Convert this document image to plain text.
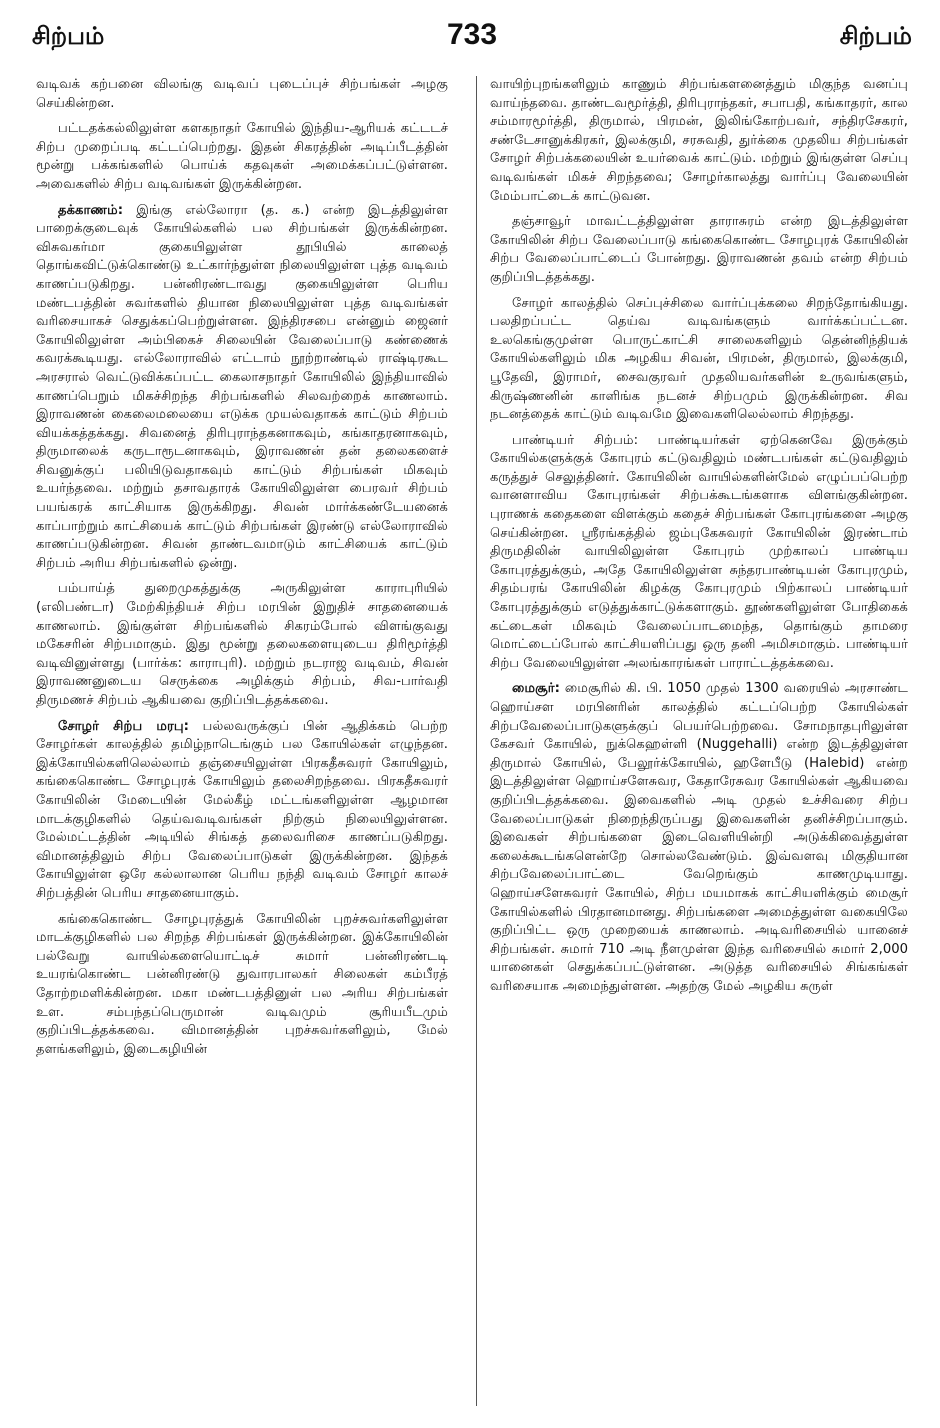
சிற்பம்	733	சிற்பம்

வடிவக் கற்பனை விலங்கு வடிவப் புடைப்புச் சிற்பங்கள் அழகு செய்கின்றன.

பட்டதக்கல்லிலுள்ள களகநாதர் கோயில் இந்திய-ஆரியக் கட்டடச் சிற்ப முறைப்படி கட்டப்பெற்றது. இதன் சிகரத்தின் அடிப்பீடத்தின் மூன்று பக்கங்களில் பொய்க் கதவுகள் அமைக்கப்பட்டுள்ளன. அவைகளில் சிற்ப வடிவங்கள் இருக்கின்றன.

தக்காணம்: இங்கு எல்லோரா (த. க.) என்ற இடத்திலுள்ள பாறைக்குடைவுக் கோயில்களில் பல சிற்பங்கள் இருக்கின்றன. விசுவகர்மா குகையிலுள்ள தூபியில் காலைத் தொங்கவிட்டுக்கொண்டு உட்கார்ந்துள்ள நிலையிலுள்ள புத்த வடிவம் காணப்படுகிறது. பன்னிரண்டாவது குகையிலுள்ள பெரிய மண்டபத்தின் சுவர்களில் தியான நிலையிலுள்ள புத்த வடிவங்கள் வரிசையாகச் செதுக்கப்பெற்றுள்ளன. இந்திரசபை என்னும் ஜைனர் கோயிலிலுள்ள அம்பிகைச் சிலையின் வேலைப்பாடு கண்ணைக் கவரக்கூடியது. எல்லோராவில் எட்டாம் நூற்றாண்டில் ராஷ்டிரகூட அரசரால் வெட்டுவிக்கப்பட்ட கைலாசநாதர் கோயிலில் இந்தியாவில் காணப்பெறும் மிகச்சிறந்த சிற்பங்களில் சிலவற்றைக் காணலாம். இராவணன் கைலைமலையை எடுக்க முயல்வதாகக் காட்டும் சிற்பம் வியக்கத்தக்கது. சிவனைத் திரிபுராந்தகனாகவும், கங்காதரனாகவும், திருமாலைக் கருடாரூடனாகவும், இராவணன் தன் தலைகளைச் சிவனுக்குப் பலியிடுவதாகவும் காட்டும் சிற்பங்கள் மிகவும் உயர்ந்தவை. மற்றும் தசாவதாரக் கோயிலிலுள்ள பைரவர் சிற்பம் பயங்கரக் காட்சியாக இருக்கிறது. சிவன் மார்க்கண்டேயனைக் காப்பாற்றும் காட்சியைக் காட்டும் சிற்பங்கள் இரண்டு எல்லோராவில் காணப்படுகின்றன. சிவன் தாண்டவமாடும் காட்சியைக் காட்டும் சிற்பம் அரிய சிற்பங்களில் ஒன்று.

பம்பாய்த் துறைமுகத்துக்கு அருகிலுள்ள காராபுரியில் (எலிபண்டா) மேற்கிந்தியச் சிற்ப மரபின் இறுதிச் சாதனையைக் காணலாம். இங்குள்ள சிற்பங்களில் சிகரம்போல் விளங்குவது மகேசரின் சிற்பமாகும். இது மூன்று தலைகளையுடைய திரிமூர்த்தி வடிவினுள்ளது (பார்க்க: காராபுரி). மற்றும் நடராஜ வடிவம், சிவன் இராவணனுடைய செருக்கை அழிக்கும் சிற்பம், சிவ-பார்வதி திருமணச் சிற்பம் ஆகியவை குறிப்பிடத்தக்கவை.

சோழர் சிற்ப மரபு: பல்லவருக்குப் பின் ஆதிக்கம் பெற்ற சோழர்கள் காலத்தில் தமிழ்நாடெங்கும் பல கோயில்கள் எழுந்தன. இக்கோயில்களிலெல்லாம் தஞ்சையிலுள்ள பிரகதீசுவரர் கோயிலும், கங்கைகொண்ட சோழபுரக் கோயிலும் தலைசிறந்தவை. பிரகதீசுவரர் கோயிலின் மேடையின் மேல்கீழ் மட்டங்களிலுள்ள ஆழமான மாடக்குழிகளில் தெய்வவடிவங்கள் நிற்கும் நிலையிலுள்ளன. மேல்மட்டத்தின் அடியில் சிங்கத் தலைவரிசை காணப்படுகிறது. விமானத்திலும் சிற்ப வேலைப்பாடுகள் இருக்கின்றன. இந்தக் கோயிலுள்ள ஒரே கல்லாலான பெரிய நந்தி வடிவம் சோழர் காலச் சிற்பத்தின் பெரிய சாதனையாகும்.

கங்கைகொண்ட சோழபுரத்துக் கோயிலின் புறச்சுவர்களிலுள்ள மாடக்குழிகளில் பல சிறந்த சிற்பங்கள் இருக்கின்றன. இக்கோயிலின் பல்வேறு வாயில்களையொட்டிச் சுமார் பன்னிரண்டடி உயரங்கொண்ட பன்னிரண்டு துவாரபாலகர் சிலைகள் கம்பீரத் தோற்றமளிக்கின்றன. மகா மண்டபத்தினுள் பல அரிய சிற்பங்கள் உள. சம்பந்தப்பெருமான் வடிவமும் சூரியபீடமும் குறிப்பிடத்தக்கவை. விமானத்தின் புறச்சுவர்களிலும், மேல் தளங்களிலும், இடைகழியின்

வாயிற்புறங்களிலும் காணும் சிற்பங்களனைத்தும் மிகுந்த வனப்பு வாய்ந்தவை. தாண்டவமூர்த்தி, திரிபுராந்தகர், சபாபதி, கங்காதரர், கால சம்மாரமூர்த்தி, திருமால், பிரமன், இலிங்கோற்பவர், சந்திரசேகரர், சண்டேசானுக்கிரகர், இலக்குமி, சரசுவதி, துர்க்கை முதலிய சிற்பங்கள் சோழர் சிற்பக்கலையின் உயர்வைக் காட்டும். மற்றும் இங்குள்ள செப்பு வடிவங்கள் மிகச் சிறந்தவை; சோழர்காலத்து வார்ப்பு வேலையின் மேம்பாட்டைக் காட்டுவன.

தஞ்சாவூர் மாவட்டத்திலுள்ள தாராசுரம் என்ற இடத்திலுள்ள கோயிலின் சிற்ப வேலைப்பாடு கங்கைகொண்ட சோழபுரக் கோயிலின் சிற்ப வேலைப்பாட்டைப் போன்றது. இராவணன் தவம் என்ற சிற்பம் குறிப்பிடத்தக்கது.

சோழர் காலத்தில் செப்புச்சிலை வார்ப்புக்கலை சிறந்தோங்கியது. பலதிறப்பட்ட தெய்வ வடிவங்களும் வார்க்கப்பட்டன. உலகெங்குமுள்ள பொருட்காட்சி சாலைகளிலும் தென்னிந்தியக் கோயில்களிலும் மிக அழகிய சிவன், பிரமன், திருமால், இலக்குமி, பூதேவி, இராமர், சைவகுரவர் முதலியவர்களின் உருவங்களும், கிருஷ்ணனின் காளிங்க நடனச் சிற்பமும் இருக்கின்றன. சிவ நடனத்தைக் காட்டும் வடிவமே இவைகளிலெல்லாம் சிறந்தது.

பாண்டியர் சிற்பம்: பாண்டியர்கள் ஏற்கெனவே இருக்கும் கோயில்களுக்குக் கோபுரம் கட்டுவதிலும் மண்டபங்கள் கட்டுவதிலும் கருத்துச் செலுத்தினர். கோயிலின் வாயில்களின்மேல் எழுப்பப்பெற்ற வானளாவிய கோபுரங்கள் சிற்பக்கூடங்களாக விளங்குகின்றன. புராணக் கதைகளை விளக்கும் கதைச் சிற்பங்கள் கோபுரங்களை அழகு செய்கின்றன. ஸ்ரீரங்கத்தில் ஜம்புகேசுவரர் கோயிலின் இரண்டாம் திருமதிலின் வாயிலிலுள்ள கோபுரம் முற்காலப் பாண்டிய கோபுரத்துக்கும், அதே கோயிலிலுள்ள சுந்தரபாண்டியன் கோபுரமும், சிதம்பரங் கோயிலின் கிழக்கு கோபுரமும் பிற்காலப் பாண்டியர் கோபுரத்துக்கும் எடுத்துக்காட்டுக்களாகும். தூண்களிலுள்ள போதிகைக் கட்டைகள் மிகவும் வேலைப்பாடமைந்த, தொங்கும் தாமரை மொட்டைப்போல் காட்சியளிப்பது ஒரு தனி அமிசமாகும். பாண்டியர் சிற்ப வேலையிலுள்ள அலங்காரங்கள் பாராட்டத்தக்கவை.

மைசூர்: மைசூரில் கி. பி. 1050 முதல் 1300 வரையில் அரசாண்ட ஹொய்சள மரபினரின் காலத்தில் கட்டப்பெற்ற கோயில்கள் சிற்பவேலைப்பாடுகளுக்குப் பெயர்பெற்றவை. சோமநாதபுரிலுள்ள கேசவர் கோயில், நுக்கெஹள்ளி (Nuggehalli) என்ற இடத்திலுள்ள திருமால் கோயில், பேலூர்க்கோயில், ஹளேபீடு (Halebid) என்ற இடத்திலுள்ள ஹொய்சளேசுவர, கேதாரேசுவர கோயில்கள் ஆகியவை குறிப்பிடத்தக்கவை. இவைகளில் அடி முதல் உச்சிவரை சிற்ப வேலைப்பாடுகள் நிறைந்திருப்பது இவைகளின் தனிச்சிறப்பாகும். இவைகள் சிற்பங்களை இடைவெளியின்றி அடுக்கிவைத்துள்ள கலைக்கூடங்களென்றே சொல்லவேண்டும். இவ்வளவு மிகுதியான சிற்பவேலைப்பாட்டை வேறெங்கும் காணமுடியாது. ஹொய்சளேசுவரர் கோயில், சிற்ப மயமாகக் காட்சியளிக்கும் மைசூர் கோயில்களில் பிரதானமானது. சிற்பங்களை அமைத்துள்ள வகையிலே குறிப்பிட்ட ஒரு முறையைக் காணலாம். அடிவரிசையில் யானைச் சிற்பங்கள். சுமார் 710 அடி நீளமுள்ள இந்த வரிசையில் சுமார் 2,000 யானைகள் செதுக்கப்பட்டுள்ளன. அடுத்த வரிசையில் சிங்கங்கள் வரிசையாக அமைந்துள்ளன. அதற்கு மேல் அழகிய சுருள்
